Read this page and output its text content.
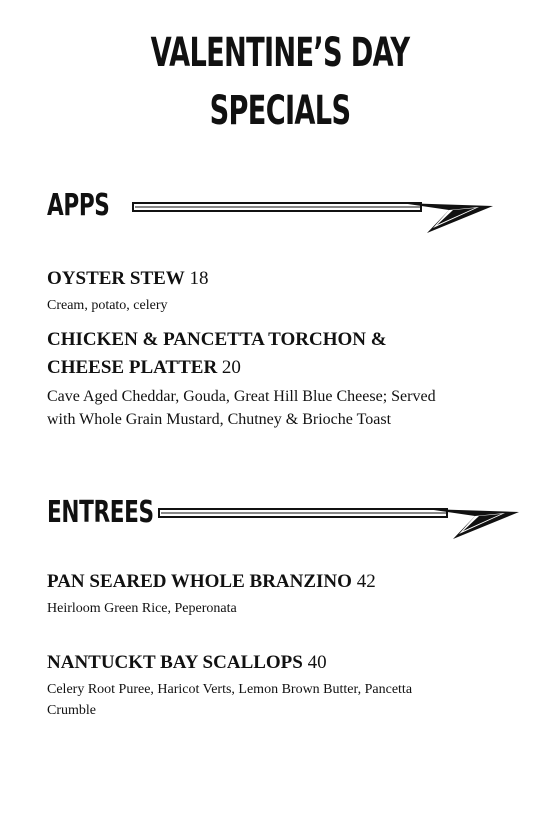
VALENTINE’S DAY
SPECIALS
APPS
OYSTER STEW 18

Cream, potato, celery

CHICKEN & PANCETTA TORCHON &
CHEESE PLATTER 20

Cave Aged Cheddar, Gouda, Great Hill Blue Cheese; Served

with Whole Grain Mustard, Chutney & Brioche Toast

ENTREES
PAN SEARED WHOLE BRANZINO 42

Heirloom Green Rice, Peperonata

NANTUCKT BAY SCALLOPS 40

Celery Root Puree, Haricot Verts, Lemon Brown Butter, Pancetta

Crumble
